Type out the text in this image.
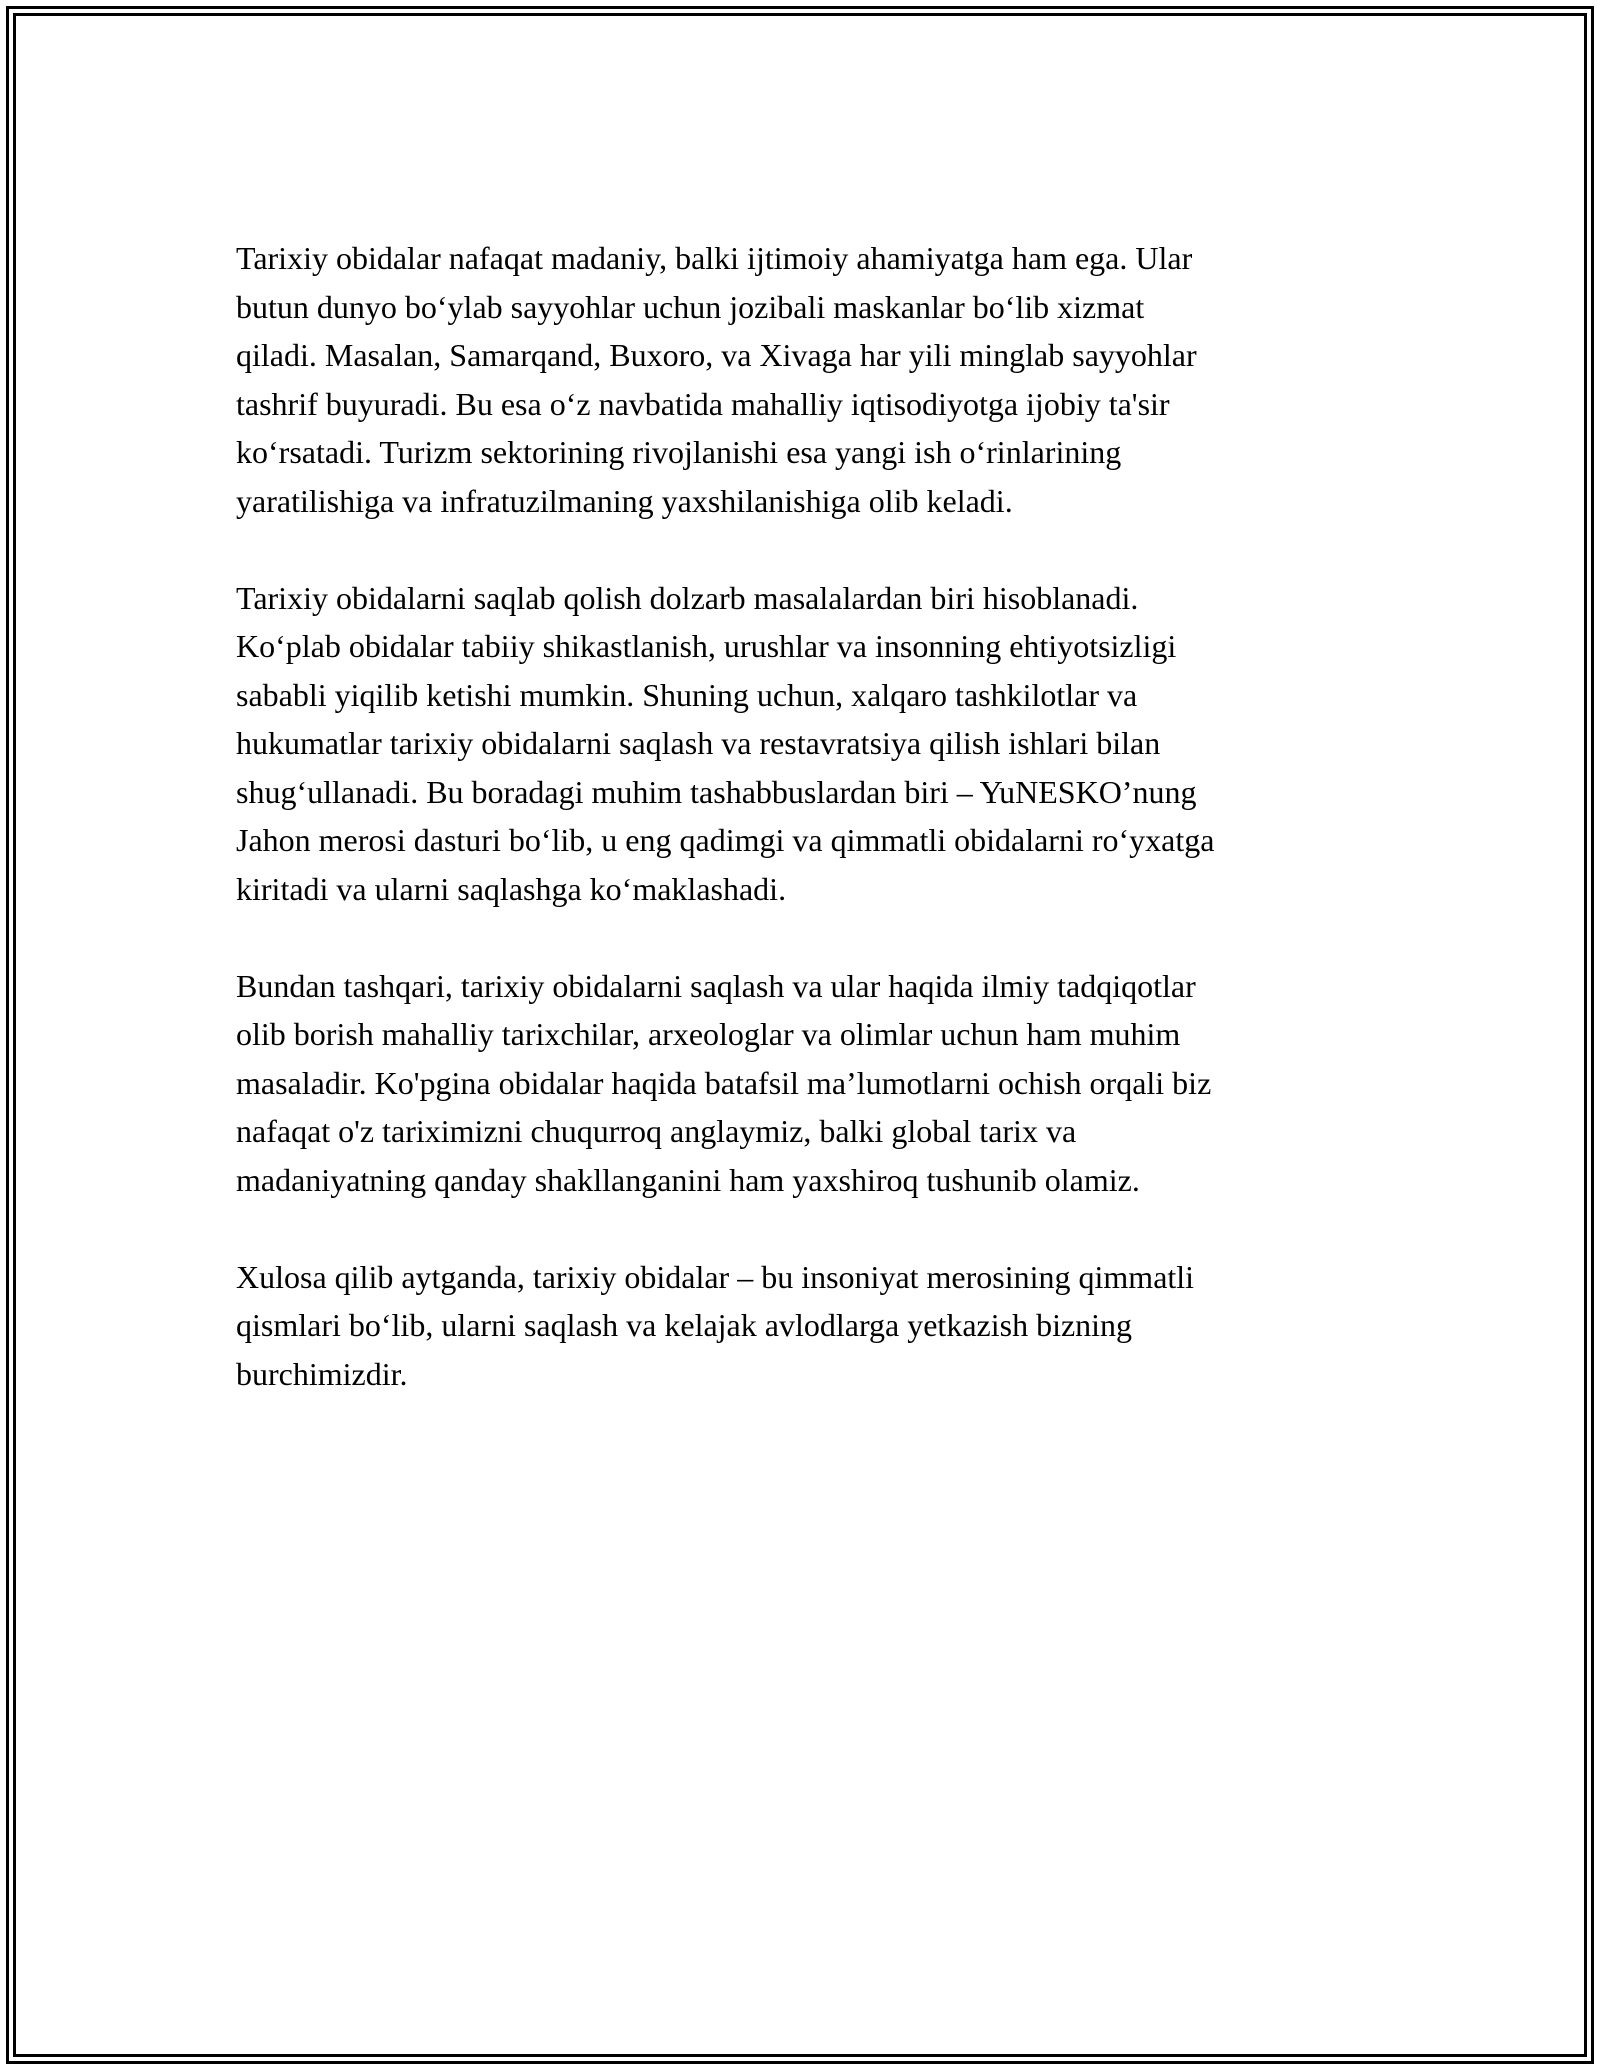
Tarixiy obidalar nafaqat madaniy, balki ijtimoiy ahamiyatga ham ega. Ular
butun dunyo bo‘ylab sayyohlar uchun jozibali maskanlar bo‘lib xizmat
qiladi. Masalan, Samarqand, Buxoro, va Xivaga har yili minglab sayyohlar
tashrif buyuradi. Bu esa o‘z navbatida mahalliy iqtisodiyotga ijobiy ta'sir
ko‘rsatadi. Turizm sektorining rivojlanishi esa yangi ish o‘rinlarining
yaratilishiga va infratuzilmaning yaxshilanishiga olib keladi.

Tarixiy obidalarni saqlab qolish dolzarb masalalardan biri hisoblanadi.
Ko‘plab obidalar tabiiy shikastlanish, urushlar va insonning ehtiyotsizligi
sababli yiqilib ketishi mumkin. Shuning uchun, xalqaro tashkilotlar va
hukumatlar tarixiy obidalarni saqlash va restavratsiya qilish ishlari bilan
shug‘ullanadi. Bu boradagi muhim tashabbuslardan biri – YuNESKO’nung
Jahon merosi dasturi bo‘lib, u eng qadimgi va qimmatli obidalarni ro‘yxatga
kiritadi va ularni saqlashga ko‘maklashadi.

Bundan tashqari, tarixiy obidalarni saqlash va ular haqida ilmiy tadqiqotlar
olib borish mahalliy tarixchilar, arxeologlar va olimlar uchun ham muhim
masaladir. Ko'pgina obidalar haqida batafsil ma’lumotlarni ochish orqali biz
nafaqat o'z tariximizni chuqurroq anglaymiz, balki global tarix va
madaniyatning qanday shakllanganini ham yaxshiroq tushunib olamiz.

Xulosa qilib aytganda, tarixiy obidalar – bu insoniyat merosining qimmatli
qismlari bo‘lib, ularni saqlash va kelajak avlodlarga yetkazish bizning
burchimizdir.
